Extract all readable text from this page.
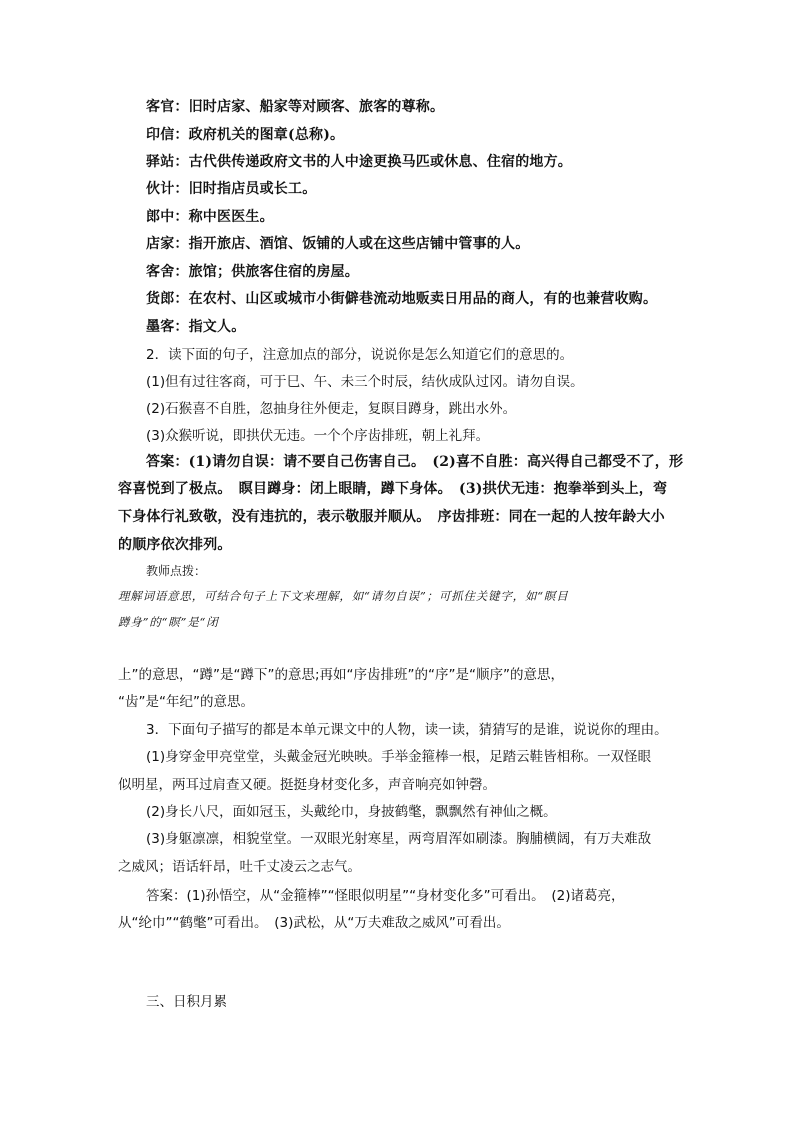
客官：旧时店家、船家等对顾客、旅客的尊称。
印信：政府机关的图章(总称)。
驿站：古代供传递政府文书的人中途更换马匹或休息、住宿的地方。
伙计：旧时指店员或长工。
郎中：称中医医生。
店家：指开旅店、酒馆、饭铺的人或在这些店铺中管事的人。
客舍：旅馆；供旅客住宿的房屋。
货郎：在农村、山区或城市小街僻巷流动地贩卖日用品的商人，有的也兼营收购。
墨客：指文人。
2．读下面的句子，注意加点的部分，说说你是怎么知道它们的意思的。
(1)但有过往客商，可于巳、午、未三个时辰，结伙成队过冈。请勿自误。
(2)石猴喜不自胜，忽抽身往外便走，复瞑目蹲身，跳出水外。
(3)众猴听说，即拱伏无违。一个个序齿排班，朝上礼拜。
答案：(1)请勿自误：请不要自己伤害自己。　(2)喜不自胜：高兴得自己都受不了，形
容喜悦到了极点。　瞑目蹲身：闭上眼睛，蹲下身体。　(3)拱伏无违：抱拳举到头上，弯
下身体行礼致敬，没有违抗的，表示敬服并顺从。　序齿排班：同在一起的人按年龄大小
的顺序依次排列。
教师点拨：
理解词语意思，可结合句子上下文来理解，如“请勿自误”；可抓住关键字，如“瞑目
蹲身”的“瞑”是“闭
上”的意思，“蹲”是“蹲下”的意思;再如“序齿排班”的“序”是“顺序”的意思，
“齿”是“年纪”的意思。
3．下面句子描写的都是本单元课文中的人物，读一读，猜猜写的是谁，说说你的理由。
(1)身穿金甲亮堂堂，头戴金冠光映映。手举金箍棒一根，足踏云鞋皆相称。一双怪眼
似明星，两耳过肩查又硬。挺挺身材变化多，声音响亮如钟磬。
(2)身长八尺，面如冠玉，头戴纶巾，身披鹤氅，飘飘然有神仙之概。
(3)身躯凛凛，相貌堂堂。一双眼光射寒星，两弯眉浑如刷漆。胸脯横阔，有万夫难敌
之威风；语话轩昂，吐千丈凌云之志气。
答案：(1)孙悟空，从“金箍棒”“怪眼似明星”“身材变化多”可看出。　(2)诸葛亮，
从“纶巾”“鹤氅”可看出。　(3)武松，从“万夫难敌之威风”可看出。
三、日积月累
